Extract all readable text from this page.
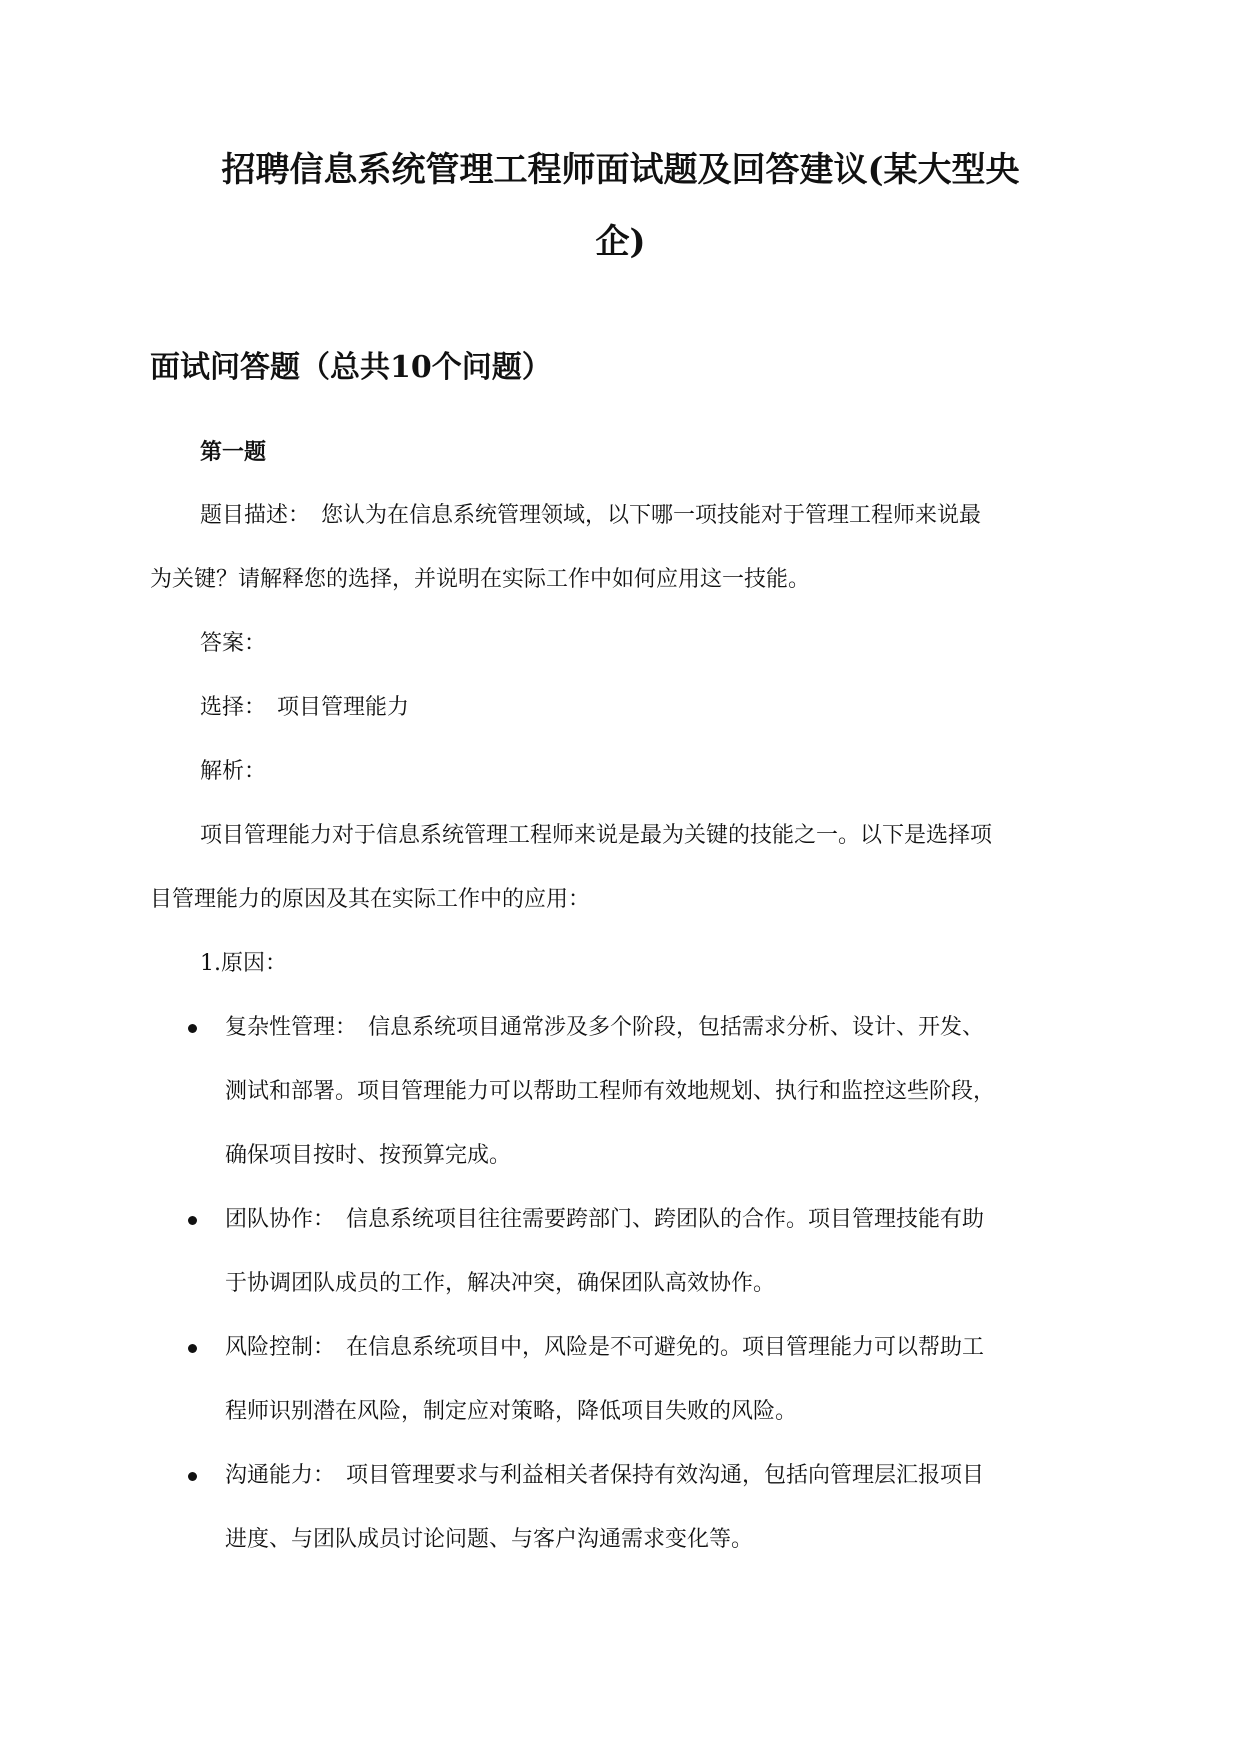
招聘信息系统管理工程师面试题及回答建议(某大型央
企)
面试问答题（总共10个问题）
第一题
题目描述：　您认为在信息系统管理领域，以下哪一项技能对于管理工程师来说最
为关键？请解释您的选择，并说明在实际工作中如何应用这一技能。
答案：
选择：　项目管理能力
解析：
项目管理能力对于信息系统管理工程师来说是最为关键的技能之一。以下是选择项
目管理能力的原因及其在实际工作中的应用：
1.原因：
复杂性管理：　信息系统项目通常涉及多个阶段，包括需求分析、设计、开发、
测试和部署。项目管理能力可以帮助工程师有效地规划、执行和监控这些阶段，
确保项目按时、按预算完成。
团队协作：　信息系统项目往往需要跨部门、跨团队的合作。项目管理技能有助
于协调团队成员的工作，解决冲突，确保团队高效协作。
风险控制：　在信息系统项目中，风险是不可避免的。项目管理能力可以帮助工
程师识别潜在风险，制定应对策略，降低项目失败的风险。
沟通能力：　项目管理要求与利益相关者保持有效沟通，包括向管理层汇报项目
进度、与团队成员讨论问题、与客户沟通需求变化等。
